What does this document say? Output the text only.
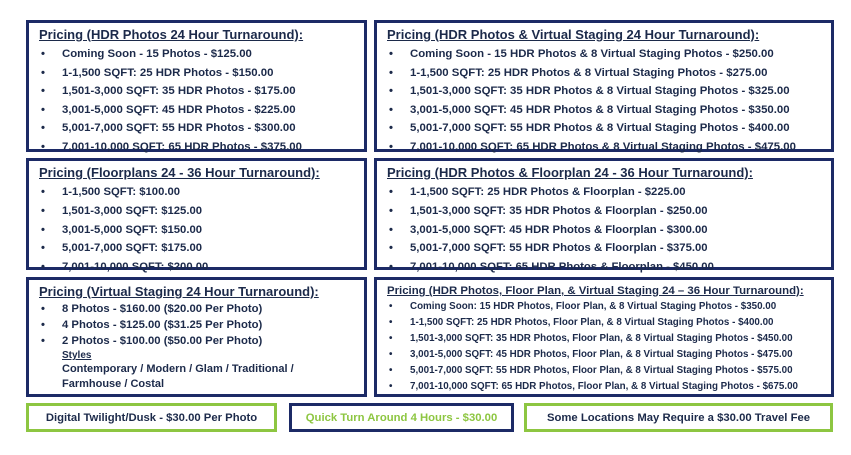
Pricing (HDR Photos 24 Hour Turnaround):
• Coming Soon - 15 Photos - $125.00
• 1-1,500 SQFT: 25 HDR Photos - $150.00
• 1,501-3,000 SQFT: 35 HDR Photos - $175.00
• 3,001-5,000 SQFT: 45 HDR Photos - $225.00
• 5,001-7,000 SQFT: 55 HDR Photos - $300.00
• 7,001-10,000 SQFT: 65 HDR Photos - $375.00
Pricing (HDR Photos & Virtual Staging 24 Hour Turnaround):
• Coming Soon - 15 HDR Photos & 8 Virtual Staging Photos - $250.00
• 1-1,500 SQFT: 25 HDR Photos & 8 Virtual Staging Photos - $275.00
• 1,501-3,000 SQFT: 35 HDR Photos & 8 Virtual Staging Photos - $325.00
• 3,001-5,000 SQFT: 45 HDR Photos & 8 Virtual Staging Photos - $350.00
• 5,001-7,000 SQFT: 55 HDR Photos & 8 Virtual Staging Photos - $400.00
• 7,001-10,000 SQFT: 65 HDR Photos & 8 Virtual Staging Photos - $475.00
Pricing (Floorplans 24 - 36 Hour Turnaround):
• 1-1,500 SQFT: $100.00
• 1,501-3,000 SQFT: $125.00
• 3,001-5,000 SQFT: $150.00
• 5,001-7,000 SQFT: $175.00
• 7,001-10,000 SQFT: $200.00
Pricing (HDR Photos & Floorplan 24 - 36 Hour Turnaround):
• 1-1,500 SQFT: 25 HDR Photos & Floorplan - $225.00
• 1,501-3,000 SQFT: 35 HDR Photos & Floorplan - $250.00
• 3,001-5,000 SQFT: 45 HDR Photos & Floorplan - $300.00
• 5,001-7,000 SQFT: 55 HDR Photos & Floorplan - $375.00
• 7,001-10,000 SQFT: 65 HDR Photos & Floorplan - $450.00
Pricing (Virtual Staging 24 Hour Turnaround):
• 8 Photos - $160.00 ($20.00 Per Photo)
• 4 Photos - $125.00 ($31.25 Per Photo)
• 2 Photos - $100.00 ($50.00 Per Photo)
Styles
Contemporary / Modern / Glam / Traditional /
Farmhouse / Costal
Pricing (HDR Photos, Floor Plan, & Virtual Staging 24 – 36 Hour Turnaround):
• Coming Soon: 15 HDR Photos, Floor Plan, & 8 Virtual Staging Photos - $350.00
• 1-1,500 SQFT: 25 HDR Photos, Floor Plan, & 8 Virtual Staging Photos - $400.00
• 1,501-3,000 SQFT: 35 HDR Photos, Floor Plan, & 8 Virtual Staging Photos - $450.00
• 3,001-5,000 SQFT: 45 HDR Photos, Floor Plan, & 8 Virtual Staging Photos - $475.00
• 5,001-7,000 SQFT: 55 HDR Photos, Floor Plan, & 8 Virtual Staging Photos - $575.00
• 7,001-10,000 SQFT: 65 HDR Photos, Floor Plan, & 8 Virtual Staging Photos - $675.00
Digital Twilight/Dusk - $30.00 Per Photo	Quick Turn Around 4 Hours - $30.00	Some Locations May Require a $30.00 Travel Fee
